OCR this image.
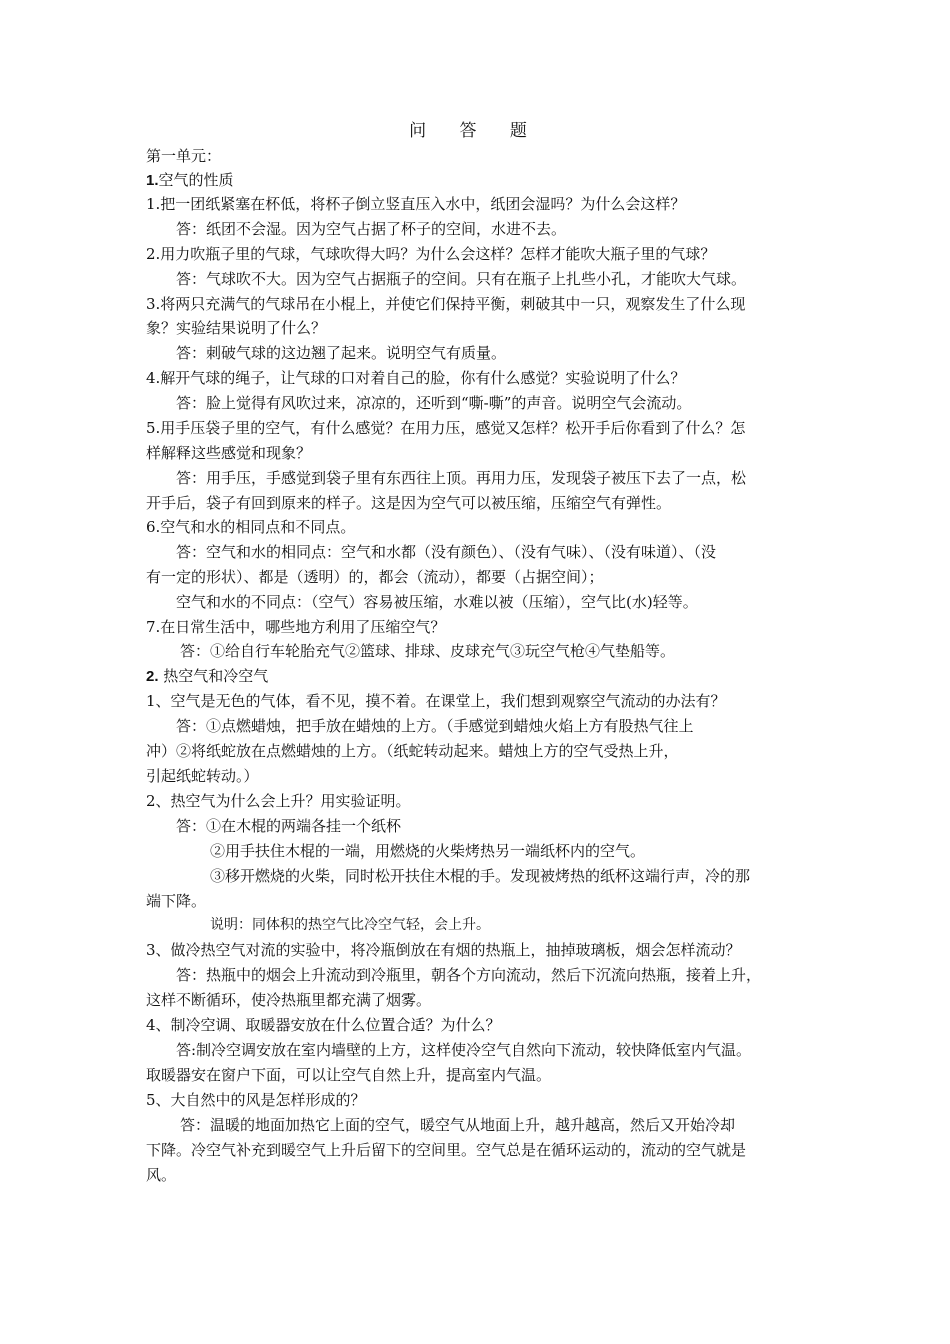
问 答 题
第一单元：
1.空气的性质
1.把一团纸紧塞在杯低，将杯子倒立竖直压入水中，纸团会湿吗？为什么会这样？
答：纸团不会湿。因为空气占据了杯子的空间，水进不去。
2.用力吹瓶子里的气球，气球吹得大吗？为什么会这样？怎样才能吹大瓶子里的气球？
答：气球吹不大。因为空气占据瓶子的空间。只有在瓶子上扎些小孔，才能吹大气球。
3.将两只充满气的气球吊在小棍上，并使它们保持平衡，刺破其中一只，观察发生了什么现
象？实验结果说明了什么？
答：刺破气球的这边翘了起来。说明空气有质量。
4.解开气球的绳子，让气球的口对着自己的脸，你有什么感觉？实验说明了什么？
答：脸上觉得有风吹过来，凉凉的，还听到“嘶-嘶”的声音。说明空气会流动。
5.用手压袋子里的空气，有什么感觉？在用力压，感觉又怎样？松开手后你看到了什么？怎
样解释这些感觉和现象？
答：用手压，手感觉到袋子里有东西往上顶。再用力压，发现袋子被压下去了一点，松
开手后，袋子有回到原来的样子。这是因为空气可以被压缩，压缩空气有弹性。
6.空气和水的相同点和不同点。
答：空气和水的相同点：空气和水都（没有颜色）、（没有气味）、（没有味道）、（没
有一定的形状）、都是（透明）的，都会（流动），都要（占据空间）；
空气和水的不同点：（空气）容易被压缩，水难以被（压缩），空气比(水)轻等。
7.在日常生活中，哪些地方利用了压缩空气？
答：①给自行车轮胎充气②篮球、排球、皮球充气③玩空气枪④气垫船等。
2. 热空气和冷空气
1、空气是无色的气体，看不见，摸不着。在课堂上，我们想到观察空气流动的办法有？
答：①点燃蜡烛，把手放在蜡烛的上方。（手感觉到蜡烛火焰上方有股热气往上
冲）②将纸蛇放在点燃蜡烛的上方。（纸蛇转动起来。蜡烛上方的空气受热上升，
引起纸蛇转动。）
2、热空气为什么会上升？用实验证明。
答：①在木棍的两端各挂一个纸杯
②用手扶住木棍的一端，用燃烧的火柴烤热另一端纸杯内的空气。
③移开燃烧的火柴，同时松开扶住木棍的手。发现被烤热的纸杯这端行声，冷的那
端下降。
说明：同体积的热空气比冷空气轻，会上升。
3、做冷热空气对流的实验中，将冷瓶倒放在有烟的热瓶上，抽掉玻璃板，烟会怎样流动？
答：热瓶中的烟会上升流动到冷瓶里，朝各个方向流动，然后下沉流向热瓶，接着上升，
这样不断循环，使冷热瓶里都充满了烟雾。
4、制冷空调、取暖器安放在什么位置合适？为什么？
答:制冷空调安放在室内墙壁的上方，这样使冷空气自然向下流动，较快降低室内气温。
取暖器安在窗户下面，可以让空气自然上升，提高室内气温。
5、大自然中的风是怎样形成的？
答：温暖的地面加热它上面的空气，暖空气从地面上升，越升越高，然后又开始冷却
下降。冷空气补充到暖空气上升后留下的空间里。空气总是在循环运动的，流动的空气就是
风。
